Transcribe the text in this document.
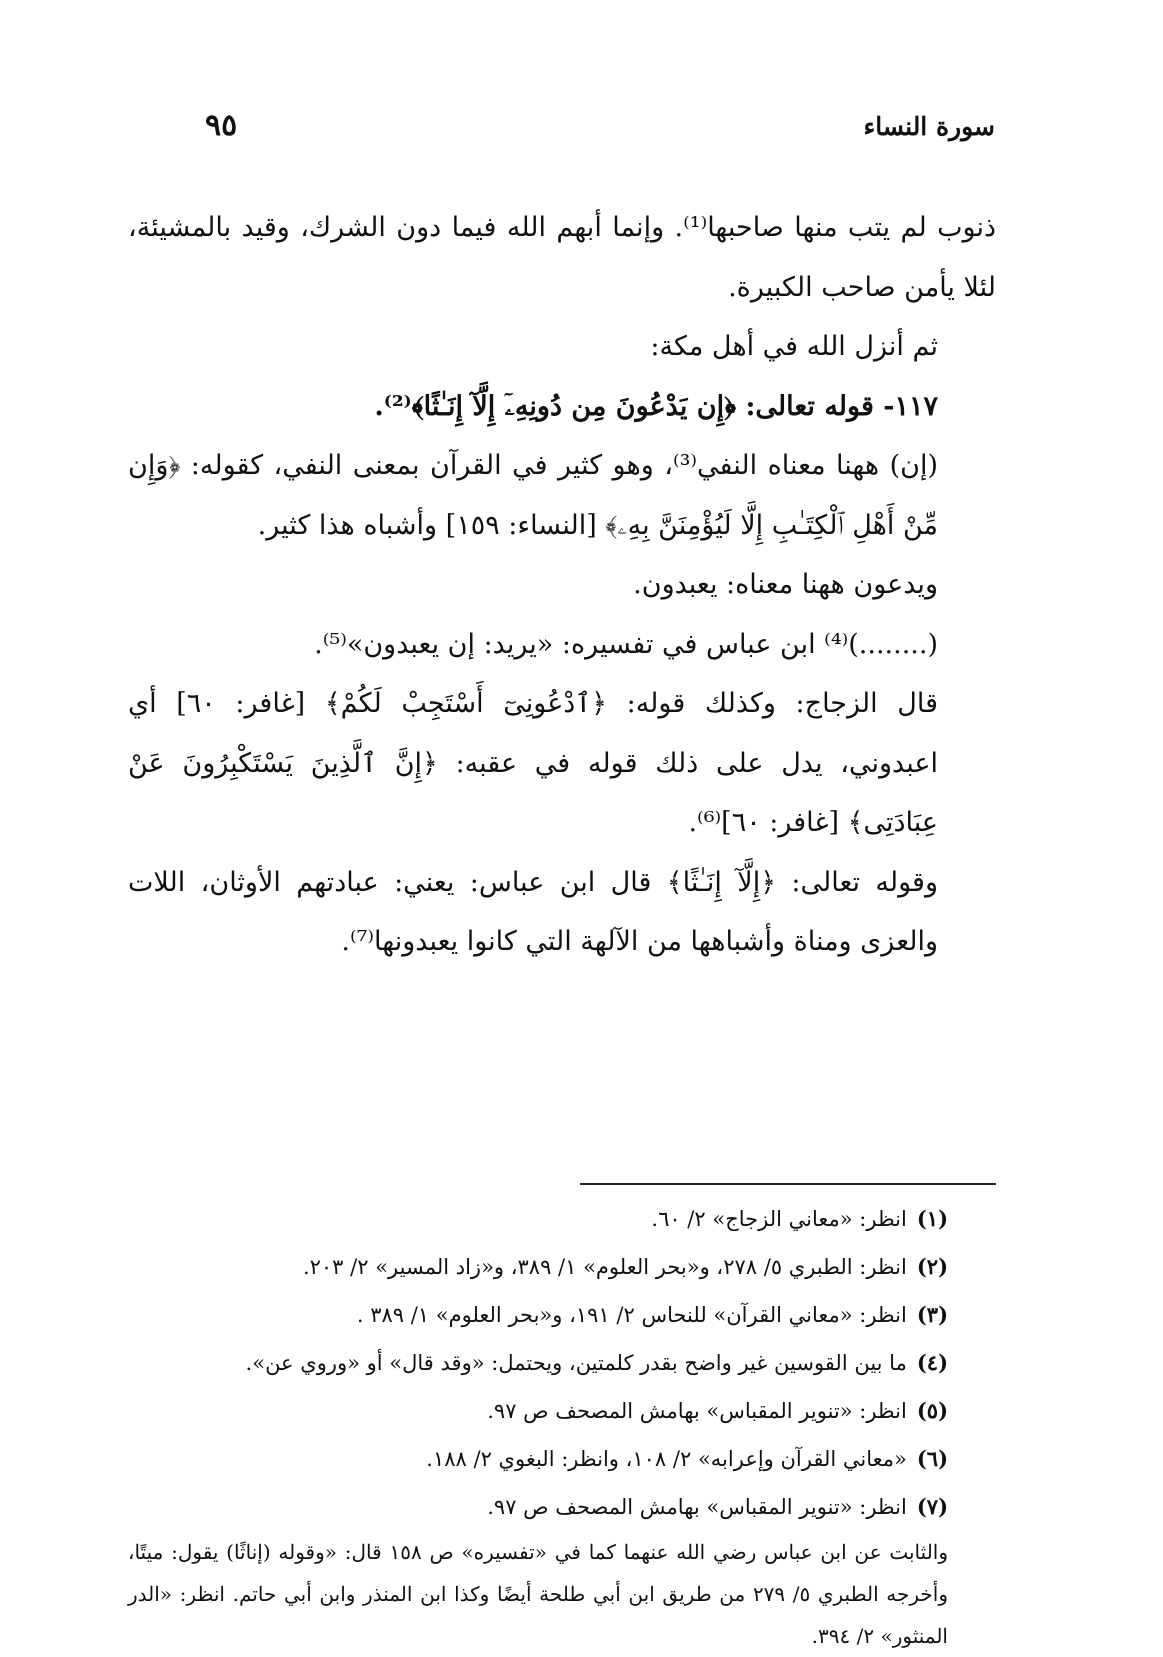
سورة النساء
٩٥

ذنوب لم يتب منها صاحبها⁽¹⁾. وإنما أبهم الله فيما دون الشرك، وقيد بالمشيئة، لئلا يأمن صاحب الكبيرة.

ثم أنزل الله في أهل مكة:

١١٧- قوله تعالى: ﴿إِن يَدْعُونَ مِن دُونِهِۦٓ إِلَّآ إِنَـٰثًا﴾⁽²⁾.

(إن) ههنا معناه النفي⁽³⁾، وهو كثير في القرآن بمعنى النفي، كقوله: ﴿وَإِن مِّنْ أَهْلِ ٱلْكِتَـٰبِ إِلَّا لَيُؤْمِنَنَّ بِهِۦ﴾ [النساء: ١٥٩] وأشباه هذا كثير.

ويدعون ههنا معناه: يعبدون.

(........)⁽⁴⁾ ابن عباس في تفسيره: «يريد: إن يعبدون»⁽⁵⁾.

قال الزجاج: وكذلك قوله: ﴿ٱدْعُونِىٓ أَسْتَجِبْ لَكُمْ﴾ [غافر: ٦٠] أي اعبدوني، يدل على ذلك قوله في عقبه: ﴿إِنَّ ٱلَّذِينَ يَسْتَكْبِرُونَ عَنْ عِبَادَتِى﴾ [غافر: ٦٠]⁽⁶⁾.

وقوله تعالى: ﴿إِلَّآ إِنَـٰثًا﴾ قال ابن عباس: يعني: عبادتهم الأوثان، اللات والعزى ومناة وأشباهها من الآلهة التي كانوا يعبدونها⁽⁷⁾.

(١)انظر: «معاني الزجاج» ٢/ ٦٠.

(٢)انظر: الطبري ٥/ ٢٧٨، و«بحر العلوم» ١/ ٣٨٩، و«زاد المسير» ٢/ ٢٠٣.

(٣)انظر: «معاني القرآن» للنحاس ٢/ ١٩١، و«بحر العلوم» ١/ ٣٨٩ .

(٤)ما بين القوسين غير واضح بقدر كلمتين، ويحتمل: «وقد قال» أو «وروي عن».

(٥)انظر: «تنوير المقباس» بهامش المصحف ص ٩٧.

(٦)«معاني القرآن وإعرابه» ٢/ ١٠٨، وانظر: البغوي ٢/ ١٨٨.

(٧)انظر: «تنوير المقباس» بهامش المصحف ص ٩٧.

والثابت عن ابن عباس رضي الله عنهما كما في «تفسيره» ص ١٥٨ قال: «وقوله (إناثًا) يقول: ميتًا، وأخرجه الطبري ٥/ ٢٧٩ من طريق ابن أبي طلحة أيضًا وكذا ابن المنذر وابن أبي حاتم. انظر: «الدر المنثور» ٢/ ٣٩٤.
